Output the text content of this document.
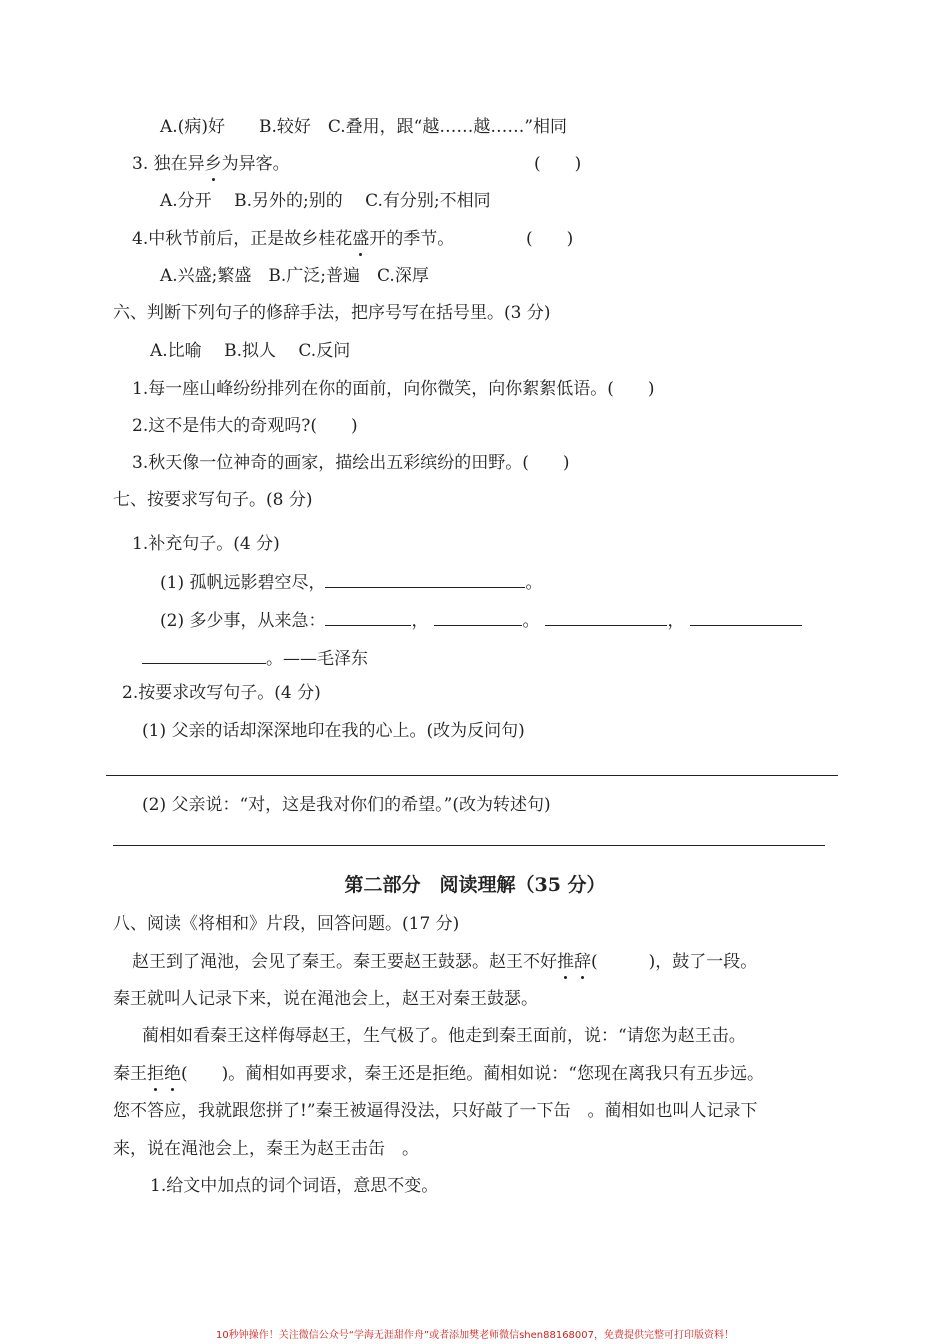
A.(病)好　　B.较好　C.叠用，跟“越……越……”相同
3. 独在异乡为异客。	(　　)
A.分开　 B.另外的;别的　 C.有分别;不相同
4.中秋节前后，正是故乡桂花盛开的季节。	(　　)
A.兴盛;繁盛　B.广泛;普遍　C.深厚
六、判断下列句子的修辞手法，把序号写在括号里。(3 分)
A.比喻　 B.拟人　 C.反问
1.每一座山峰纷纷排列在你的面前，向你微笑，向你絮絮低语。(　　)
2.这不是伟大的奇观吗?(　　)
3.秋天像一位神奇的画家，描绘出五彩缤纷的田野。(　　)
七、按要求写句子。(8 分)
1.补充句子。(4 分)
(1) 孤帆远影碧空尽，	。
(2) 多少事，从来急：	，	。	，
。——毛泽东
2.按要求改写句子。(4 分)
(1) 父亲的话却深深地印在我的心上。(改为反问句)
(2) 父亲说：“对，这是我对你们的希望。”(改为转述句)
第二部分　阅读理解（35 分）
八、阅读《将相和》片段，回答问题。(17 分)
赵王到了渑池，会见了秦王。秦王要赵王鼓瑟。赵王不好推辞(　　　)，鼓了一段。
秦王就叫人记录下来，说在渑池会上，赵王对秦王鼓瑟。
蔺相如看秦王这样侮辱赵王，生气极了。他走到秦王面前，说：“请您为赵王击。
秦王拒绝(　　)。蔺相如再要求，秦王还是拒绝。蔺相如说：“您现在离我只有五步远。
您不答应，我就跟您拼了!”秦王被逼得没法，只好敲了一下缶　。蔺相如也叫人记录下
来，说在渑池会上，秦王为赵王击缶　。
1.给文中加点的词个词语，意思不变。
10秒钟操作！关注微信公众号“学海无涯甜作舟”或者添加樊老师微信shen88168007，免费提供完整可打印版资料！
